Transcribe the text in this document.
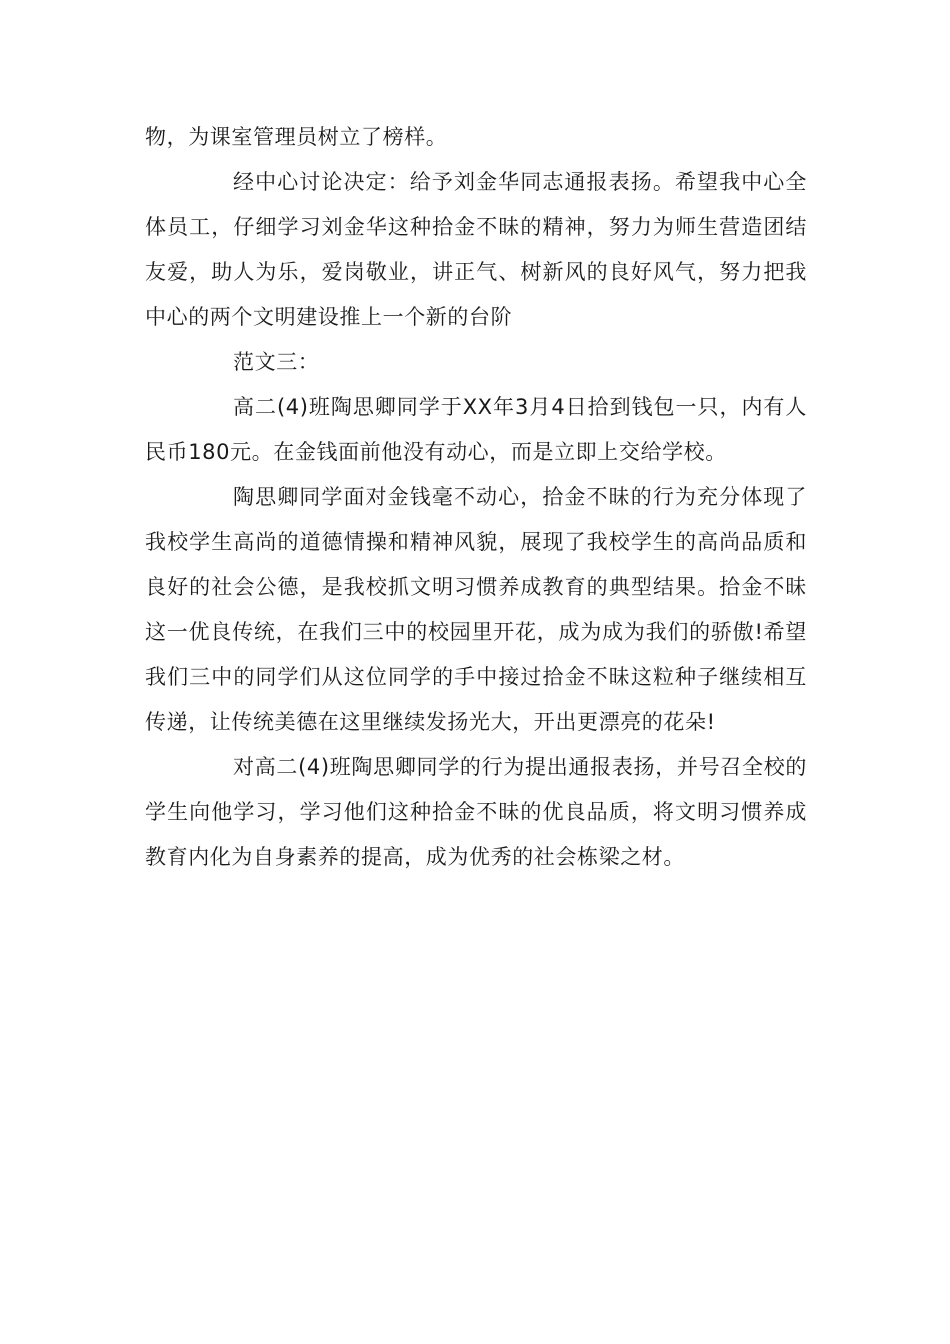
物，为课室管理员树立了榜样。

经中心讨论决定：给予刘金华同志通报表扬。希望我中心全体员工，仔细学习刘金华这种拾金不昧的精神，努力为师生营造团结友爱，助人为乐，爱岗敬业，讲正气、树新风的良好风气，努力把我中心的两个文明建设推上一个新的台阶

范文三：

高二(4)班陶思卿同学于XX年3月4日拾到钱包一只，内有人民币180元。在金钱面前他没有动心，而是立即上交给学校。

陶思卿同学面对金钱毫不动心，拾金不昧的行为充分体现了我校学生高尚的道德情操和精神风貌，展现了我校学生的高尚品质和良好的社会公德，是我校抓文明习惯养成教育的典型结果。拾金不昧这一优良传统，在我们三中的校园里开花，成为成为我们的骄傲!希望我们三中的同学们从这位同学的手中接过拾金不昧这粒种子继续相互传递，让传统美德在这里继续发扬光大，开出更漂亮的花朵!

对高二(4)班陶思卿同学的行为提出通报表扬，并号召全校的学生向他学习，学习他们这种拾金不昧的优良品质，将文明习惯养成教育内化为自身素养的提高，成为优秀的社会栋梁之材。
